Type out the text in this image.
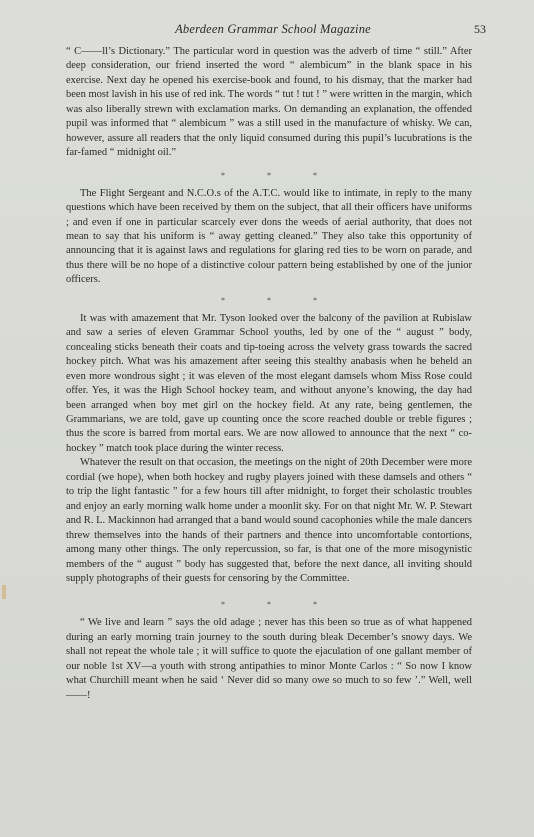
Aberdeen Grammar School Magazine	53

“ C——ll’s Dictionary.” The particular word in question was the adverb of time “ still.” After deep consideration, our friend inserted the word “ alembicum” in the blank space in his exercise. Next day he opened his exercise-book and found, to his dismay, that the marker had been most lavish in his use of red ink. The words “ tut ! tut ! ” were written in the margin, which was also liberally strewn with exclamation marks. On demanding an explanation, the offended pupil was informed that “ alembicum ” was a still used in the manufacture of whisky. We can, however, assure all readers that the only liquid consumed during this pupil’s lucubrations is the far-famed “ midnight oil.”

* * *

The Flight Sergeant and N.C.O.s of the A.T.C. would like to intimate, in reply to the many questions which have been received by them on the subject, that all their officers have uniforms ; and even if one in particular scarcely ever dons the weeds of aerial authority, that does not mean to say that his uniform is “ away getting cleaned.” They also take this opportunity of announcing that it is against laws and regulations for glaring red ties to be worn on parade, and thus there will be no hope of a distinctive colour pattern being established by one of the junior officers.

* * *

It was with amazement that Mr. Tyson looked over the balcony of the pavilion at Rubislaw and saw a series of eleven Grammar School youths, led by one of the “ august ” body, concealing sticks beneath their coats and tip-toeing across the velvety grass towards the sacred hockey pitch. What was his amazement after seeing this stealthy anabasis when he beheld an even more wondrous sight ; it was eleven of the most elegant damsels whom Miss Rose could offer. Yes, it was the High School hockey team, and without anyone’s knowing, the day had been arranged when boy met girl on the hockey field. At any rate, being gentlemen, the Grammarians, we are told, gave up counting once the score reached double or treble figures ; thus the score is barred from mortal ears. We are now allowed to announce that the next “ co-hockey ” match took place during the winter recess.

Whatever the result on that occasion, the meetings on the night of 20th December were more cordial (we hope), when both hockey and rugby players joined with these damsels and others “ to trip the light fantastic ” for a few hours till after midnight, to forget their scholastic troubles and enjoy an early morning walk home under a moonlit sky. For on that night Mr. W. P. Stewart and R. L. Mackinnon had arranged that a band would sound cacophonies while the male dancers threw themselves into the hands of their partners and thence into uncomfortable contortions, among many other things. The only repercussion, so far, is that one of the more misogynistic members of the “ august ” body has suggested that, before the next dance, all inviting should supply photographs of their guests for censoring by the Committee.

* * *

“ We live and learn ” says the old adage ; never has this been so true as of what happened during an early morning train journey to the south during bleak December’s snowy days. We shall not repeat the whole tale ; it will suffice to quote the ejaculation of one gallant member of our noble 1st XV—a youth with strong antipathies to minor Monte Carlos : “ So now I know what Churchill meant when he said ‘ Never did so many owe so much to so few ’.” Well, well——!
